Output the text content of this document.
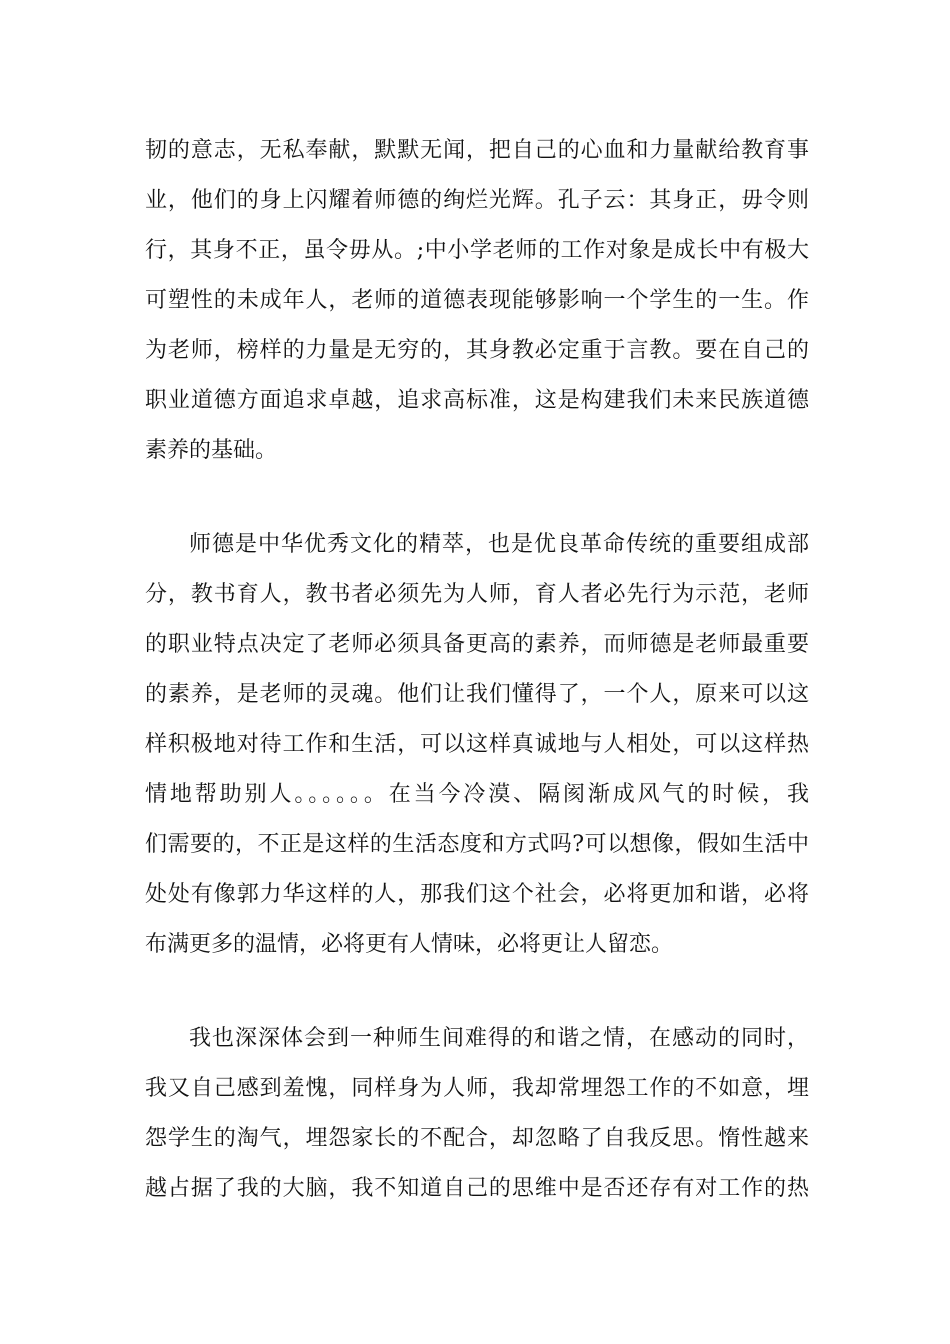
韧的意志，无私奉献，默默无闻，把自己的心血和力量献给教育事
业，他们的身上闪耀着师德的绚烂光辉。孔子云：其身正，毋令则
行，其身不正，虽令毋从。;中小学老师的工作对象是成长中有极大
可塑性的未成年人，老师的道德表现能够影响一个学生的一生。作
为老师，榜样的力量是无穷的，其身教必定重于言教。要在自己的
职业道德方面追求卓越，追求高标准，这是构建我们未来民族道德
素养的基础。
师德是中华优秀文化的精萃，也是优良革命传统的重要组成部
分，教书育人，教书者必须先为人师，育人者必先行为示范，老师
的职业特点决定了老师必须具备更高的素养，而师德是老师最重要
的素养，是老师的灵魂。他们让我们懂得了，一个人，原来可以这
样积极地对待工作和生活，可以这样真诚地与人相处，可以这样热
情地帮助别人。。。。。。在当今冷漠、隔阂渐成风气的时候，我
们需要的，不正是这样的生活态度和方式吗?可以想像，假如生活中
处处有像郭力华这样的人，那我们这个社会，必将更加和谐，必将
布满更多的温情，必将更有人情味，必将更让人留恋。
我也深深体会到一种师生间难得的和谐之情，在感动的同时，
我又自己感到羞愧，同样身为人师，我却常埋怨工作的不如意，埋
怨学生的淘气，埋怨家长的不配合，却忽略了自我反思。惰性越来
越占据了我的大脑，我不知道自己的思维中是否还存有对工作的热
